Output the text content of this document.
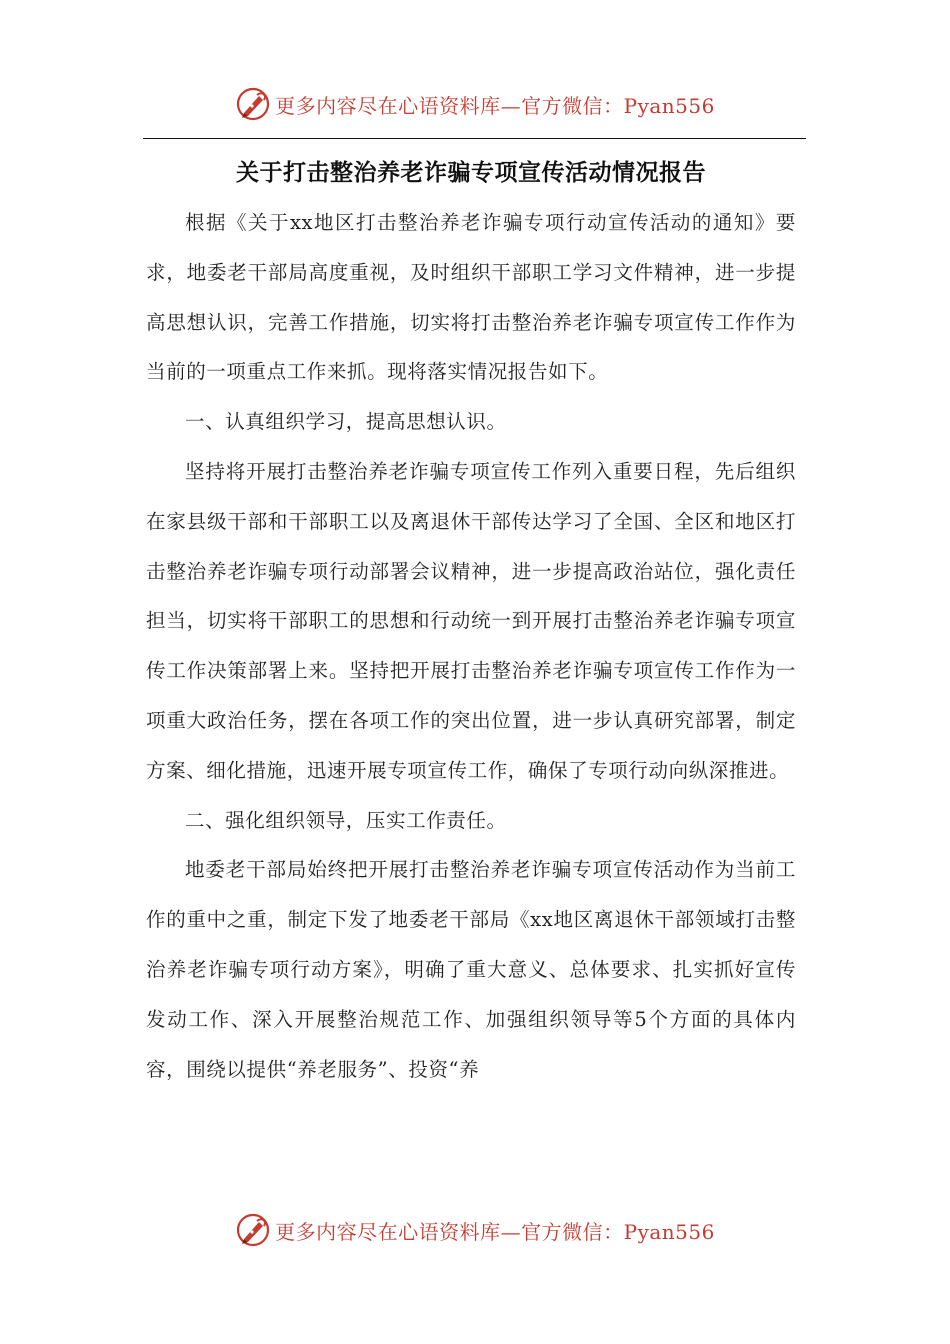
更多内容尽在心语资料库—官方微信：Pyan556
关于打击整治养老诈骗专项宣传活动情况报告

根据《关于xx地区打击整治养老诈骗专项行动宣传活动的通知》要求，地委老干部局高度重视，及时组织干部职工学习文件精神，进一步提高思想认识，完善工作措施，切实将打击整治养老诈骗专项宣传工作作为当前的一项重点工作来抓。现将落实情况报告如下。

一、认真组织学习，提高思想认识。

坚持将开展打击整治养老诈骗专项宣传工作列入重要日程，先后组织在家县级干部和干部职工以及离退休干部传达学习了全国、全区和地区打击整治养老诈骗专项行动部署会议精神，进一步提高政治站位，强化责任担当，切实将干部职工的思想和行动统一到开展打击整治养老诈骗专项宣传工作决策部署上来。坚持把开展打击整治养老诈骗专项宣传工作作为一项重大政治任务，摆在各项工作的突出位置，进一步认真研究部署，制定方案、细化措施，迅速开展专项宣传工作，确保了专项行动向纵深推进。

二、强化组织领导，压实工作责任。

地委老干部局始终把开展打击整治养老诈骗专项宣传活动作为当前工作的重中之重，制定下发了地委老干部局《xx地区离退休干部领域打击整治养老诈骗专项行动方案》，明确了重大意义、总体要求、扎实抓好宣传发动工作、深入开展整治规范工作、加强组织领导等5个方面的具体内容，围绕以提供“养老服务”、投资“养

更多内容尽在心语资料库—官方微信：Pyan556
